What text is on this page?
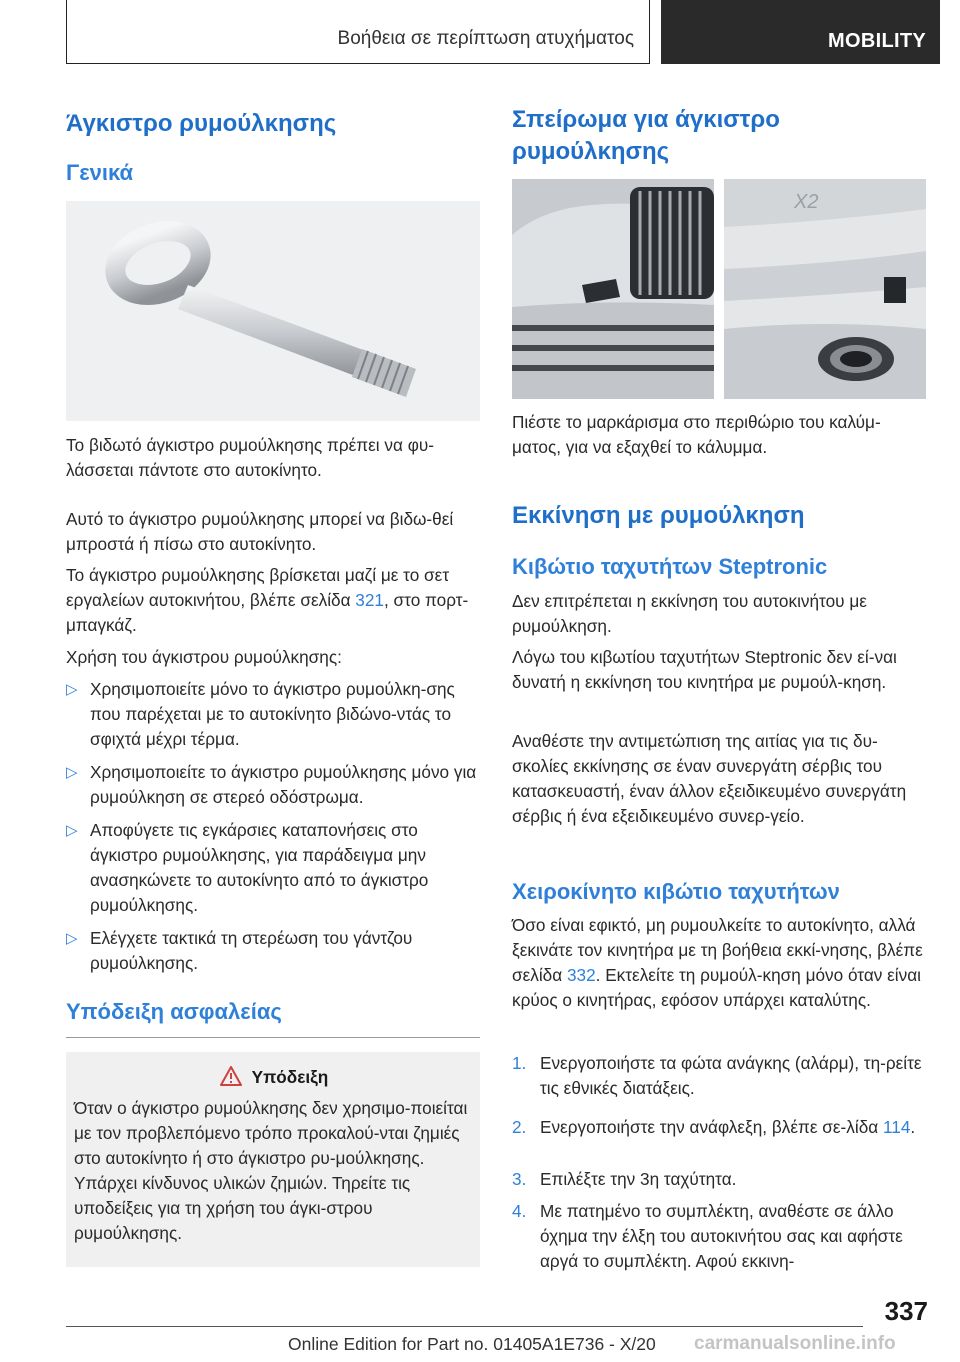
Βοήθεια σε περίπτωση ατυχήματος	MOBILITY
Άγκιστρο ρυμούλκησης
Γενικά
Το βιδωτό άγκιστρο ρυμούλκησης πρέπει να φυ-λάσσεται πάντοτε στο αυτοκίνητο.
Αυτό το άγκιστρο ρυμούλκησης μπορεί να βιδω-θεί μπροστά ή πίσω στο αυτοκίνητο.
Το άγκιστρο ρυμούλκησης βρίσκεται μαζί με το σετ εργαλείων αυτοκινήτου, βλέπε σελίδα 321, στο πορτ-μπαγκάζ.
Χρήση του άγκιστρου ρυμούλκησης:
▷ Χρησιμοποιείτε μόνο το άγκιστρο ρυμούλκη-σης που παρέχεται με το αυτοκίνητο βιδώνο-ντάς το σφιχτά μέχρι τέρμα.
▷ Χρησιμοποιείτε το άγκιστρο ρυμούλκησης μόνο για ρυμούλκηση σε στερεό οδόστρωμα.
▷ Αποφύγετε τις εγκάρσιες καταπονήσεις στο άγκιστρο ρυμούλκησης, για παράδειγμα μην ανασηκώνετε το αυτοκίνητο από το άγκιστρο ρυμούλκησης.
▷ Ελέγχετε τακτικά τη στερέωση του γάντζου ρυμούλκησης.
Υπόδειξη ασφαλείας
Υπόδειξη
Όταν ο άγκιστρο ρυμούλκησης δεν χρησιμο-ποιείται με τον προβλεπόμενο τρόπο προκαλού-νται ζημιές στο αυτοκίνητο ή στο άγκιστρο ρυ-μούλκησης. Υπάρχει κίνδυνος υλικών ζημιών. Τηρείτε τις υποδείξεις για τη χρήση του άγκι-στρου ρυμούλκησης.
Σπείρωμα για άγκιστρο
ρυμούλκησης
X2
Πιέστε το μαρκάρισμα στο περιθώριο του καλύμ-ματος, για να εξαχθεί το κάλυμμα.
Εκκίνηση με ρυμούλκηση
Κιβώτιο ταχυτήτων Steptronic
Δεν επιτρέπεται η εκκίνηση του αυτοκινήτου με ρυμούλκηση.
Λόγω του κιβωτίου ταχυτήτων Steptronic δεν εί-ναι δυνατή η εκκίνηση του κινητήρα με ρυμούλ-κηση.
Αναθέστε την αντιμετώπιση της αιτίας για τις δυ-σκολίες εκκίνησης σε έναν συνεργάτη σέρβις του κατασκευαστή, έναν άλλον εξειδικευμένο συνεργάτη σέρβις ή ένα εξειδικευμένο συνερ-γείο.
Χειροκίνητο κιβώτιο ταχυτήτων
Όσο είναι εφικτό, μη ρυμουλκείτε το αυτοκίνητο, αλλά ξεκινάτε τον κινητήρα με τη βοήθεια εκκί-νησης, βλέπε σελίδα 332. Εκτελείτε τη ρυμούλ-κηση μόνο όταν είναι κρύος ο κινητήρας, εφόσον υπάρχει καταλύτης.
1. Ενεργοποιήστε τα φώτα ανάγκης (αλάρμ), τη-ρείτε τις εθνικές διατάξεις.
2. Ενεργοποιήστε την ανάφλεξη, βλέπε σε-λίδα 114.
3. Επιλέξτε την 3η ταχύτητα.
4. Με πατημένο το συμπλέκτη, αναθέστε σε άλλο όχημα την έλξη του αυτοκινήτου σας και αφήστε αργά το συμπλέκτη. Αφού εκκινη-
337
Online Edition for Part no. 01405A1E736 - X/20 carmanualsonline.info
